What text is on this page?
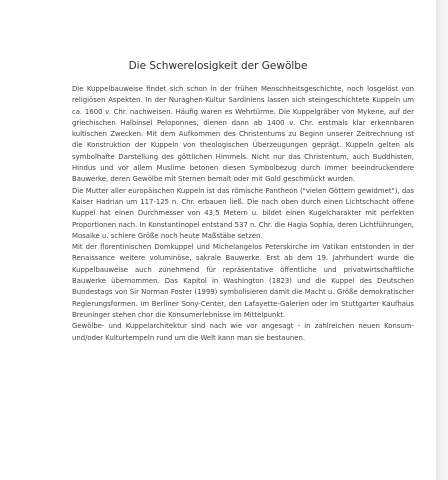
Die Schwerelosigkeit der Gewölbe

Die Kuppelbauweise findet sich schon in der frühen Menschheitsgeschichte, noch losgelöst von religiösen Aspekten. In der Nuraghen-Kultur Sardiniens lassen sich steingeschichtete Kuppeln um ca. 1600 v. Chr. nachweisen. Häufig waren es Wehrtürme. Die Kuppelgräber von Mykene, auf der griechischen Halbinsel Peloponnes, dienen dann ab 1400 v. Chr. erstmals klar erkennbaren kultischen Zwecken. Mit dem Aufkommen des Christentums zu Beginn unserer Zeitrechnung ist die Konstruktion der Kuppeln von theologischen Überzeugungen geprägt. Kuppeln gelten als symbolhafte Darstellung des göttlichen Himmels. Nicht nur das Christentum, auch Buddhisten, Hindus und vor allem Muslime betonen diesen Symbolbezug durch immer beeindruckendere Bauwerke, deren Gewölbe mit Sternen bemalt oder mit Gold geschmückt wurden.

Die Mutter aller europäischen Kuppeln ist das römische Pantheon ("vielen Göttern gewidmet"), das Kaiser Hadrian um 117-125 n. Chr. erbauen ließ. Die nach oben durch einen Lichtschacht offene Kuppel hat einen Durchmesser von 43,5 Metern u. bildet einen Kugelcharakter mit perfekten Proportionen nach. In Konstantinopel entstand 537 n. Chr. die Hagia Sophia, deren Lichtführungen, Mosaike u. schiere Größe noch heute Maßstäbe setzen.

Mit der florentinischen Domkuppel und Michelangelos Peterskirche im Vatikan entstonden in der Renaissance weitere voluminöse, sakrale Bauwerke. Erst ab dem 19. Jahrhundert wurde die Kuppelbauweise auch zunehmend für repräsentative öffentliche und privatwirtschaftliche Bauwerke übernommen. Das Kapitol in Washington (1823) und die Kuppel des Deutschen Bundestags von Sir Norman Foster (1999) symbolisieren damit die Macht u. Größe demokratischer Regierungsformen. Im Berliner Sony-Center, den Lafayette-Galerien oder im Stuttgarter Kaufhaus Breuninger stehen chor die Konsumerlebnisse im Mittelpunkt.

Gewölbe- und Kuppelarchitektur sind nach wie vor angesagt - in zahlreichen neuen Konsum- und/oder Kulturtempeln rund um die Welt kann man sie bestaunen.
